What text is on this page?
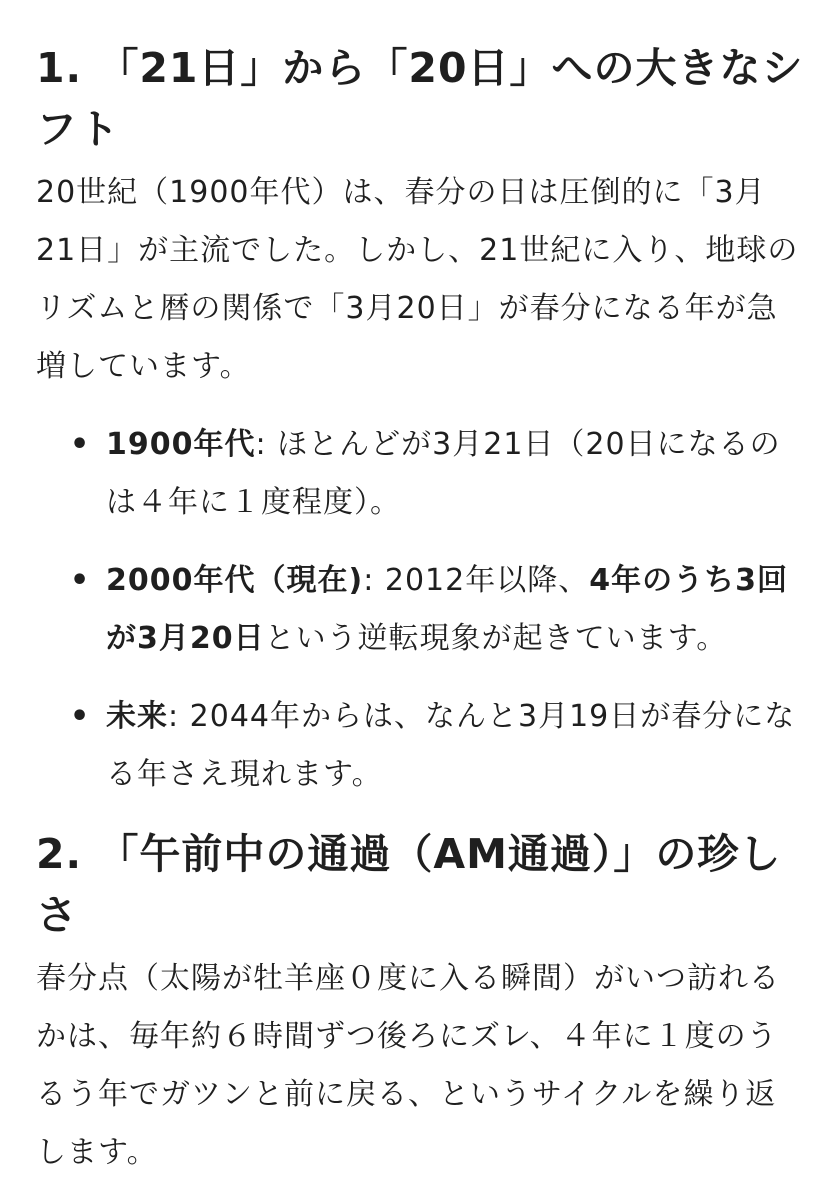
1. 「21日」から「20日」への大きなシフト

20世紀（1900年代）は、春分の日は圧倒的に「3月21日」が主流でした。しかし、21世紀に入り、地球のリズムと暦の関係で「3月20日」が春分になる年が急増しています。

• 1900年代: ほとんどが3月21日（20日になるのは４年に１度程度）。
• 2000年代（現在): 2012年以降、4年のうち3回が3月20日という逆転現象が起きています。
• 未来: 2044年からは、なんと3月19日が春分になる年さえ現れます。
2. 「午前中の通過（AM通過）」の珍しさ

春分点（太陽が牡羊座０度に入る瞬間）がいつ訪れるかは、毎年約６時間ずつ後ろにズレ、４年に１度のうるう年でガツンと前に戻る、というサイクルを繰り返します。
